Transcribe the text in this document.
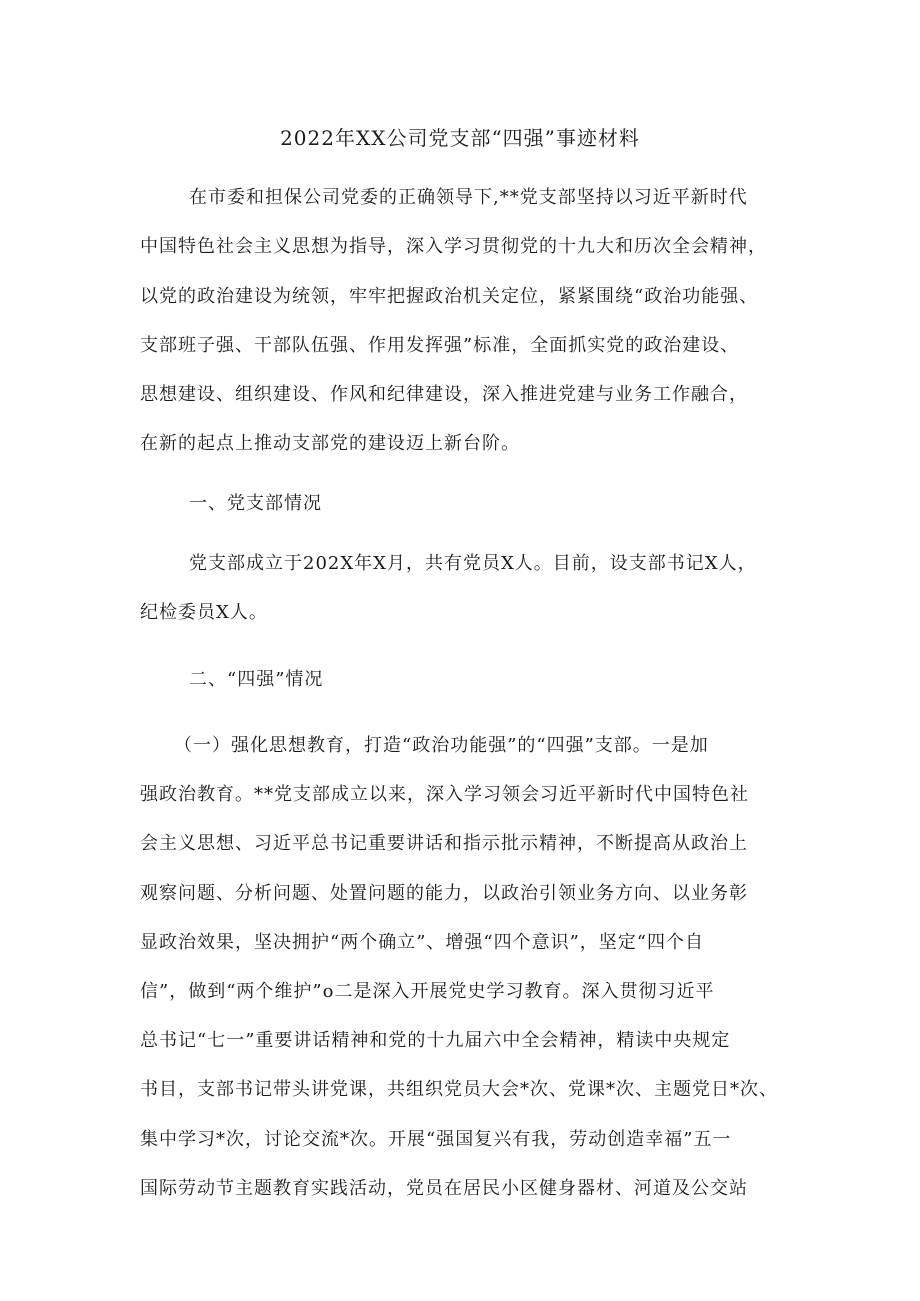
2022年XX公司党支部“四强”事迹材料
在市委和担保公司党委的正确领导下,**党支部坚持以习近平新时代
中国特色社会主义思想为指导，深入学习贯彻党的十九大和历次全会精神，
以党的政治建设为统领，牢牢把握政治机关定位，紧紧围绕“政治功能强、
支部班子强、干部队伍强、作用发挥强”标准，全面抓实党的政治建设、
思想建设、组织建设、作风和纪律建设，深入推进党建与业务工作融合，
在新的起点上推动支部党的建设迈上新台阶。
一、党支部情况
党支部成立于202X年X月，共有党员X人。目前，设支部书记X人，
纪检委员X人。
二、“四强”情况
（一）强化思想教育，打造“政治功能强”的“四强”支部。一是加
强政治教育。**党支部成立以来，深入学习领会习近平新时代中国特色社
会主义思想、习近平总书记重要讲话和指示批示精神，不断提高从政治上
观察问题、分析问题、处置问题的能力，以政治引领业务方向、以业务彰
显政治效果，坚决拥护“两个确立”、增强“四个意识”，坚定“四个自
信”，做到“两个维护”o二是深入开展党史学习教育。深入贯彻习近平
总书记“七一”重要讲话精神和党的十九届六中全会精神，精读中央规定
书目，支部书记带头讲党课，共组织党员大会*次、党课*次、主题党日*次、
集中学习*次，讨论交流*次。开展“强国复兴有我，劳动创造幸福”五一
国际劳动节主题教育实践活动，党员在居民小区健身器材、河道及公交站
